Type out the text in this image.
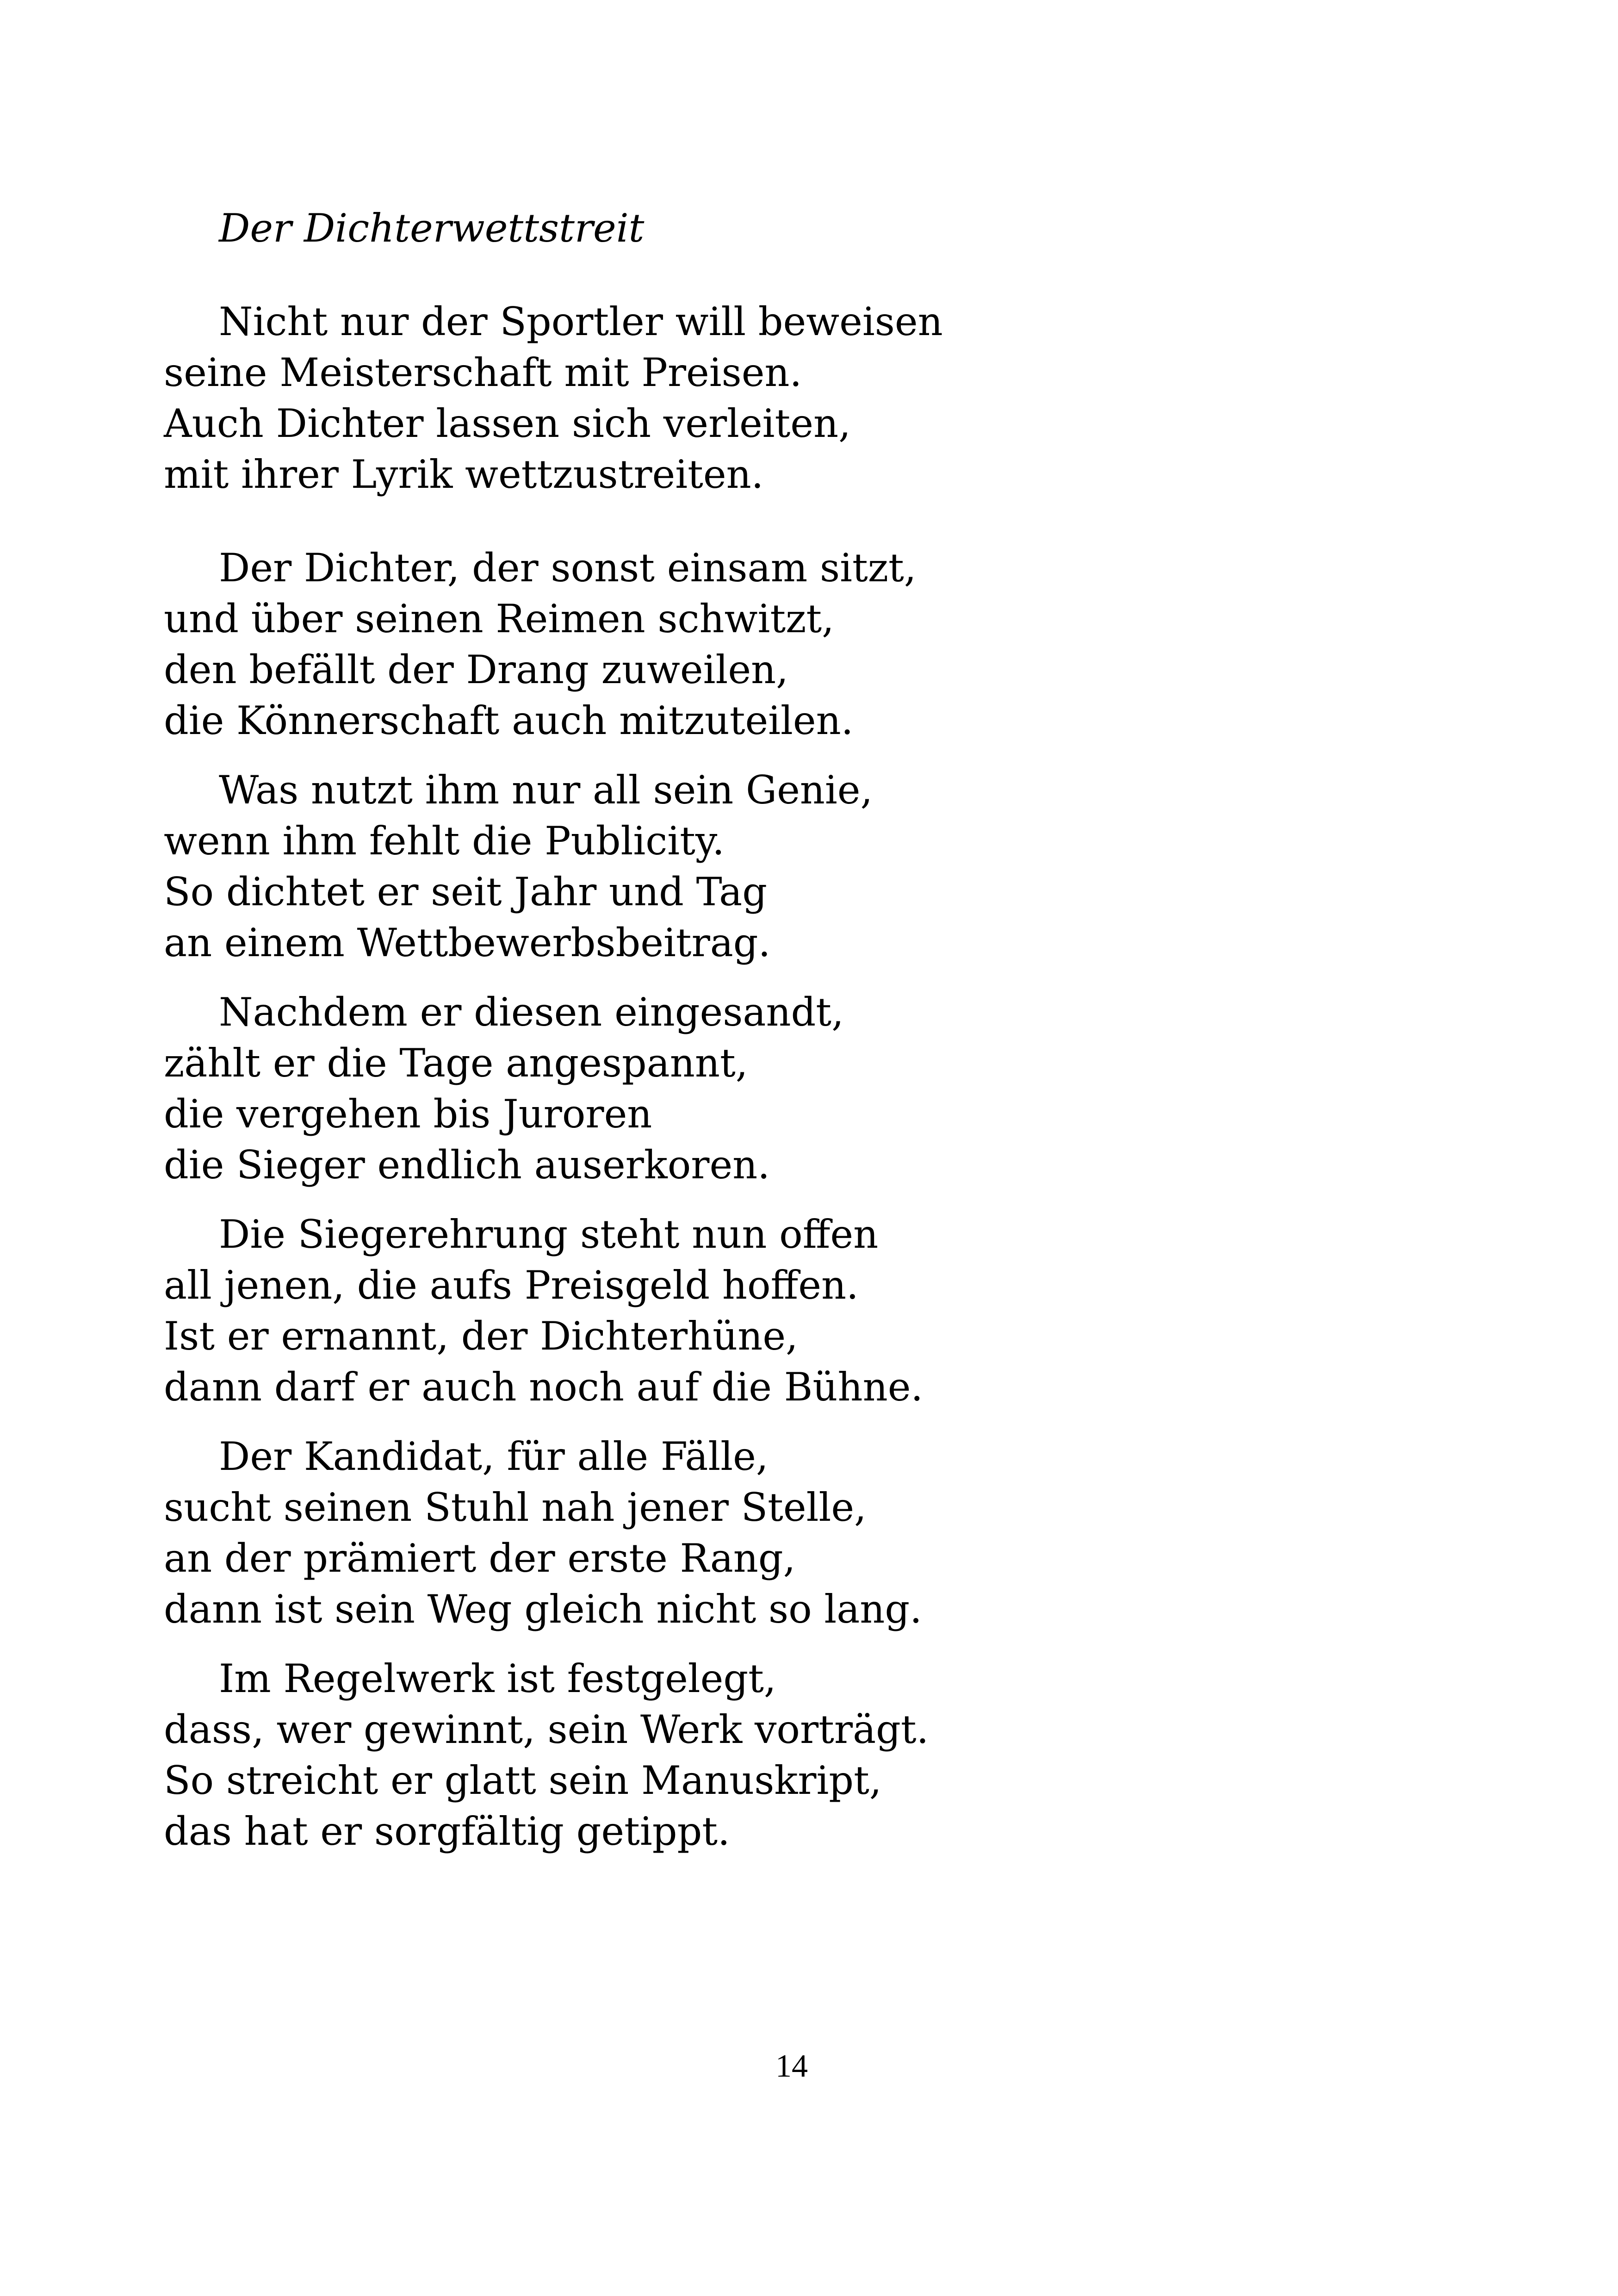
Der Dichterwettstreit

Nicht nur der Sportler will beweisen
seine Meisterschaft mit Preisen.
Auch Dichter lassen sich verleiten,
mit ihrer Lyrik wettzustreiten.

Der Dichter, der sonst einsam sitzt,
und über seinen Reimen schwitzt,
den befällt der Drang zuweilen,
die Könnerschaft auch mitzuteilen.

Was nutzt ihm nur all sein Genie,
wenn ihm fehlt die Publicity.
So dichtet er seit Jahr und Tag
an einem Wettbewerbsbeitrag.

Nachdem er diesen eingesandt,
zählt er die Tage angespannt,
die vergehen bis Juroren
die Sieger endlich auserkoren.

Die Siegerehrung steht nun offen
all jenen, die aufs Preisgeld hoffen.
Ist er ernannt, der Dichterhüne,
dann darf er auch noch auf die Bühne.

Der Kandidat, für alle Fälle,
sucht seinen Stuhl nah jener Stelle,
an der prämiert der erste Rang,
dann ist sein Weg gleich nicht so lang.

Im Regelwerk ist festgelegt,
dass, wer gewinnt, sein Werk vorträgt.
So streicht er glatt sein Manuskript,
das hat er sorgfältig getippt.

14
